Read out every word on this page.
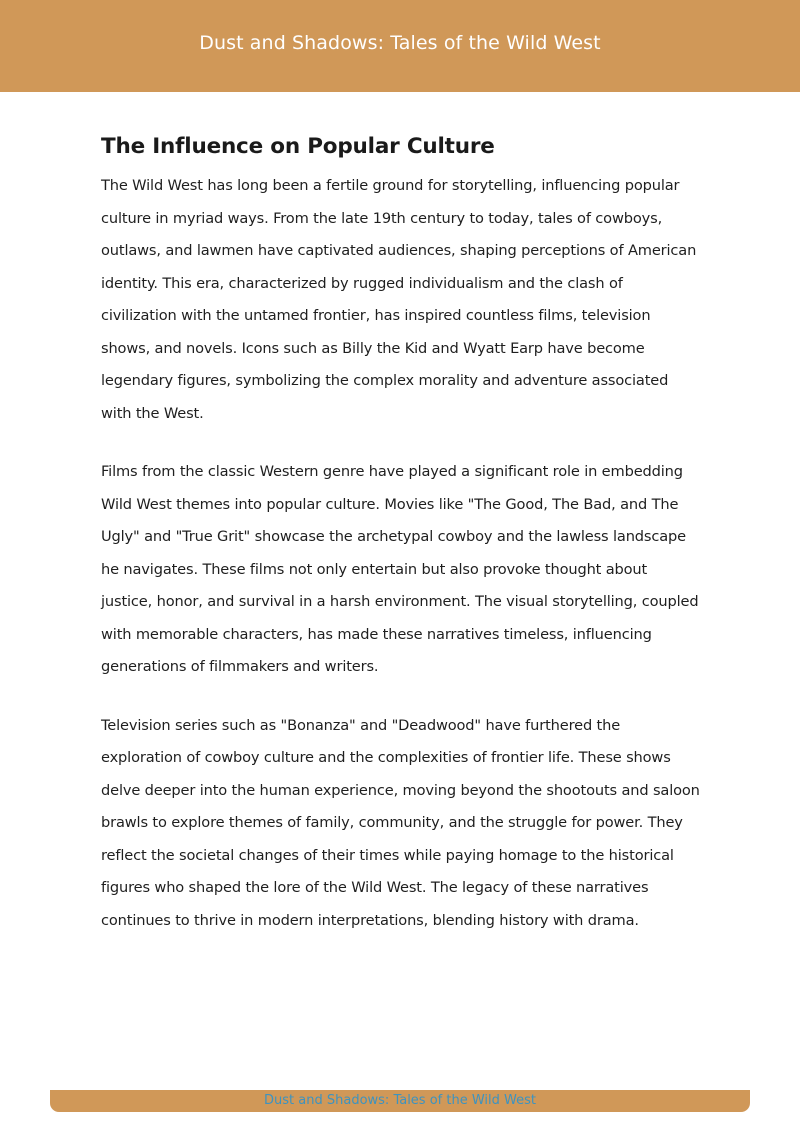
Dust and Shadows: Tales of the Wild West
The Influence on Popular Culture

The Wild West has long been a fertile ground for storytelling, influencing popular culture in myriad ways. From the late 19th century to today, tales of cowboys, outlaws, and lawmen have captivated audiences, shaping perceptions of American identity. This era, characterized by rugged individualism and the clash of civilization with the untamed frontier, has inspired countless films, television shows, and novels. Icons such as Billy the Kid and Wyatt Earp have become legendary figures, symbolizing the complex morality and adventure associated with the West.

Films from the classic Western genre have played a significant role in embedding Wild West themes into popular culture. Movies like "The Good, The Bad, and The Ugly" and "True Grit" showcase the archetypal cowboy and the lawless landscape he navigates. These films not only entertain but also provoke thought about justice, honor, and survival in a harsh environment. The visual storytelling, coupled with memorable characters, has made these narratives timeless, influencing generations of filmmakers and writers.

Television series such as "Bonanza" and "Deadwood" have furthered the exploration of cowboy culture and the complexities of frontier life. These shows delve deeper into the human experience, moving beyond the shootouts and saloon brawls to explore themes of family, community, and the struggle for power. They reflect the societal changes of their times while paying homage to the historical figures who shaped the lore of the Wild West. The legacy of these narratives continues to thrive in modern interpretations, blending history with drama.

Dust and Shadows: Tales of the Wild West
